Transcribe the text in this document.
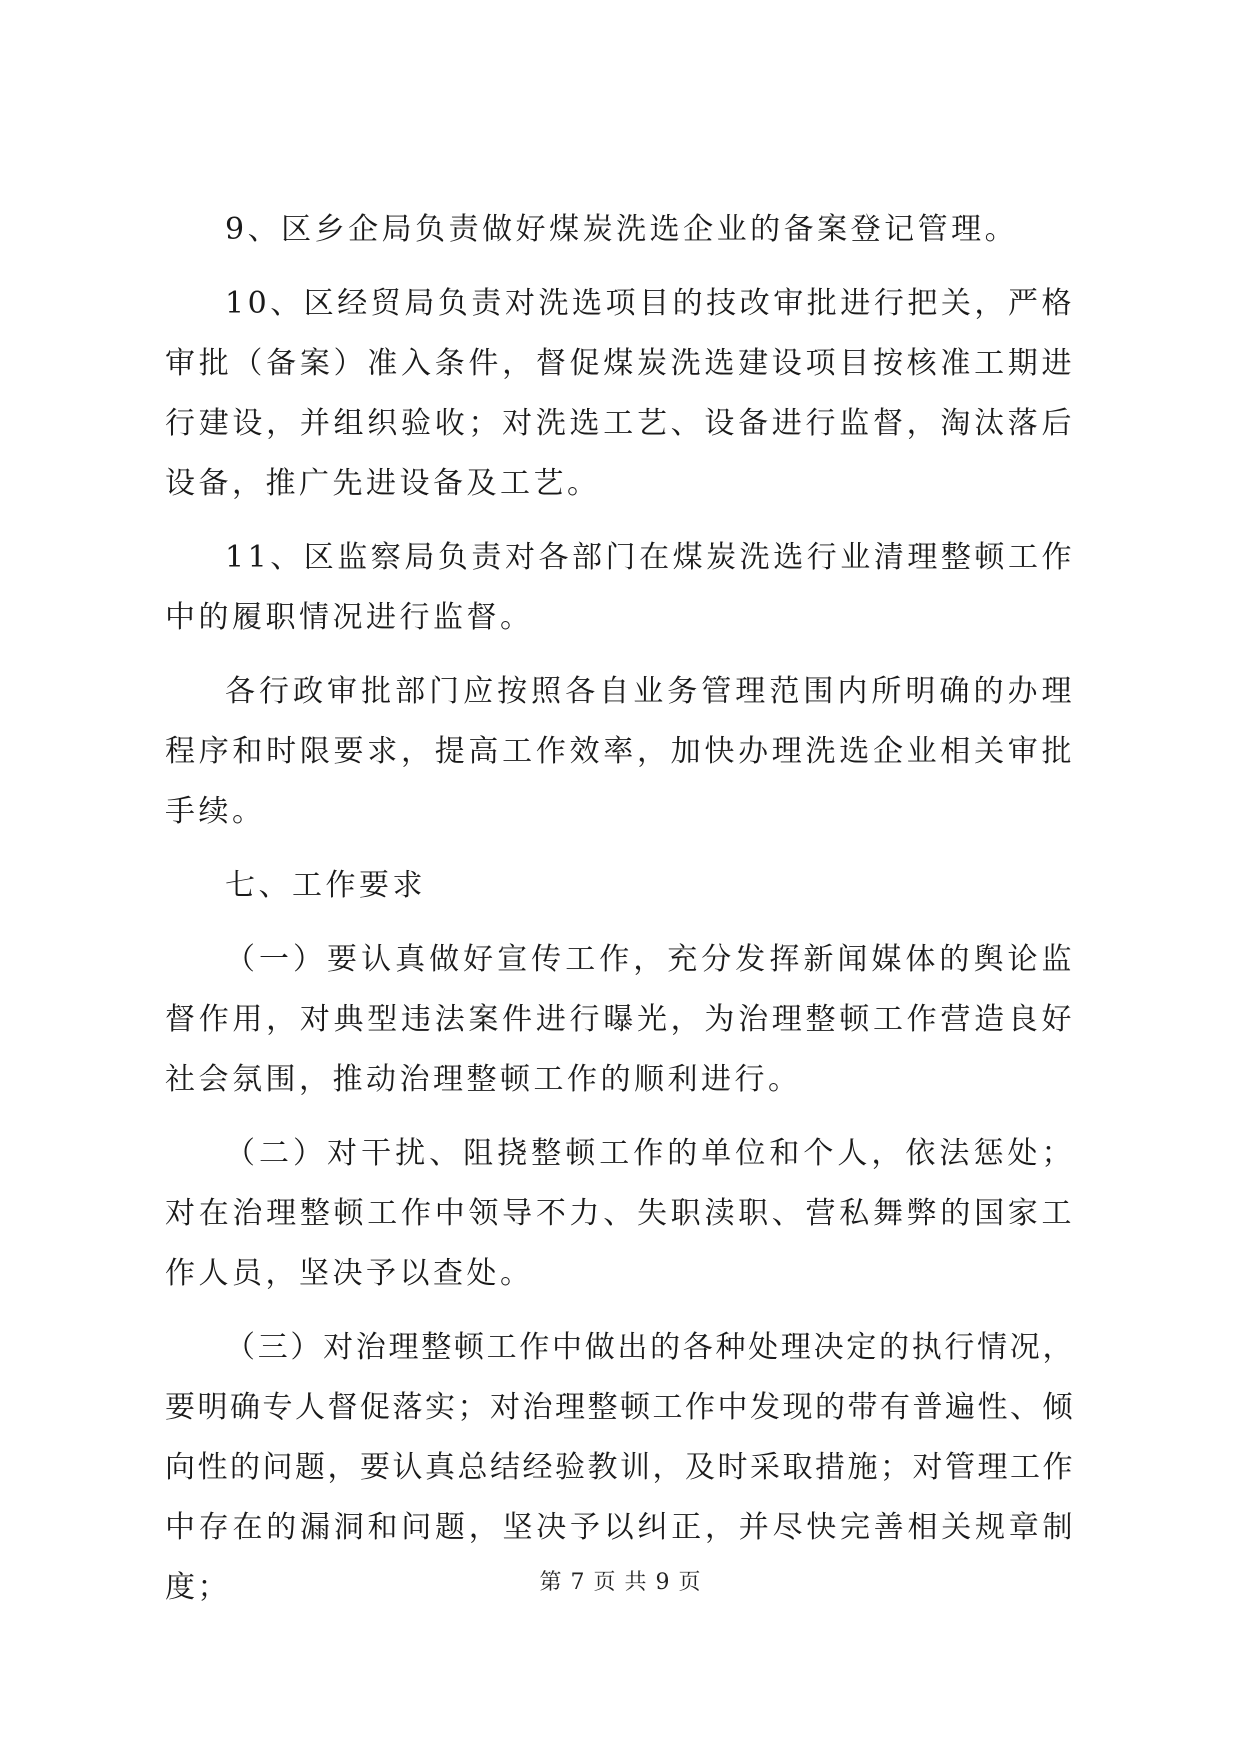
9、区乡企局负责做好煤炭洗选企业的备案登记管理。

10、区经贸局负责对洗选项目的技改审批进行把关，严格审批（备案）准入条件，督促煤炭洗选建设项目按核准工期进行建设，并组织验收；对洗选工艺、设备进行监督，淘汰落后设备，推广先进设备及工艺。

11、区监察局负责对各部门在煤炭洗选行业清理整顿工作中的履职情况进行监督。

各行政审批部门应按照各自业务管理范围内所明确的办理程序和时限要求，提高工作效率，加快办理洗选企业相关审批手续。

七、工作要求

（一）要认真做好宣传工作，充分发挥新闻媒体的舆论监督作用，对典型违法案件进行曝光，为治理整顿工作营造良好社会氛围，推动治理整顿工作的顺利进行。

（二）对干扰、阻挠整顿工作的单位和个人，依法惩处；对在治理整顿工作中领导不力、失职渎职、营私舞弊的国家工作人员，坚决予以查处。

（三）对治理整顿工作中做出的各种处理决定的执行情况，要明确专人督促落实；对治理整顿工作中发现的带有普遍性、倾向性的问题，要认真总结经验教训，及时采取措施；对管理工作中存在的漏洞和问题，坚决予以纠正，并尽快完善相关规章制度；	第 7 页 共 9 页
